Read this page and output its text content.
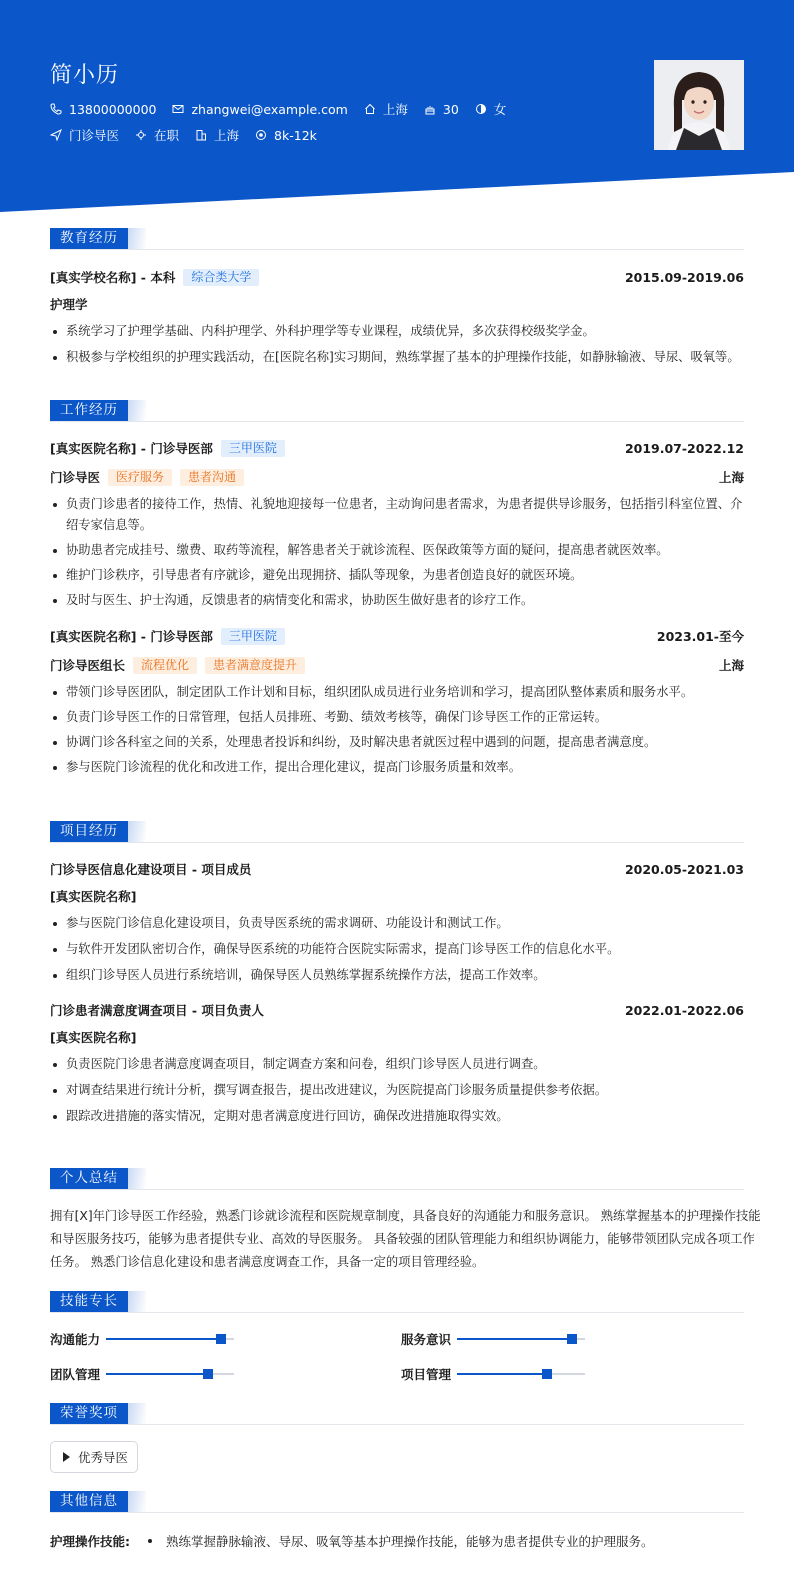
简小历
13800000000	zhangwei@example.com	上海	30	女
门诊导医	在职	上海	8k-12k
教育经历
[真实学校名称] - 本科	综合类大学	2015.09-2019.06
护理学
系统学习了护理学基础、内科护理学、外科护理学等专业课程，成绩优异，多次获得校级奖学金。
积极参与学校组织的护理实践活动，在[医院名称]实习期间，熟练掌握了基本的护理操作技能，如静脉输液、导尿、吸氧等。
工作经历
[真实医院名称] - 门诊导医部	三甲医院	2019.07-2022.12
门诊导医	医疗服务	患者沟通	上海
负责门诊患者的接待工作，热情、礼貌地迎接每一位患者，主动询问患者需求，为患者提供导诊服务，包括指引科室位置、介绍专家信息等。
协助患者完成挂号、缴费、取药等流程，解答患者关于就诊流程、医保政策等方面的疑问，提高患者就医效率。
维护门诊秩序，引导患者有序就诊，避免出现拥挤、插队等现象，为患者创造良好的就医环境。
及时与医生、护士沟通，反馈患者的病情变化和需求，协助医生做好患者的诊疗工作。
[真实医院名称] - 门诊导医部	三甲医院	2023.01-至今
门诊导医组长	流程优化	患者满意度提升	上海
带领门诊导医团队，制定团队工作计划和目标，组织团队成员进行业务培训和学习，提高团队整体素质和服务水平。
负责门诊导医工作的日常管理，包括人员排班、考勤、绩效考核等，确保门诊导医工作的正常运转。
协调门诊各科室之间的关系，处理患者投诉和纠纷，及时解决患者就医过程中遇到的问题，提高患者满意度。
参与医院门诊流程的优化和改进工作，提出合理化建议，提高门诊服务质量和效率。
项目经历
门诊导医信息化建设项目 - 项目成员	2020.05-2021.03
[真实医院名称]
参与医院门诊信息化建设项目，负责导医系统的需求调研、功能设计和测试工作。
与软件开发团队密切合作，确保导医系统的功能符合医院实际需求，提高门诊导医工作的信息化水平。
组织门诊导医人员进行系统培训，确保导医人员熟练掌握系统操作方法，提高工作效率。
门诊患者满意度调查项目 - 项目负责人	2022.01-2022.06
[真实医院名称]
负责医院门诊患者满意度调查项目，制定调查方案和问卷，组织门诊导医人员进行调查。
对调查结果进行统计分析，撰写调查报告，提出改进建议，为医院提高门诊服务质量提供参考依据。
跟踪改进措施的落实情况，定期对患者满意度进行回访，确保改进措施取得实效。
个人总结
拥有[X]年门诊导医工作经验，熟悉门诊就诊流程和医院规章制度，具备良好的沟通能力和服务意识。 熟练掌握基本的护理操作技能
和导医服务技巧，能够为患者提供专业、高效的导医服务。 具备较强的团队管理能力和组织协调能力，能够带领团队完成各项工作
任务。 熟悉门诊信息化建设和患者满意度调查工作，具备一定的项目管理经验。
技能专长
沟通能力	服务意识
团队管理	项目管理
荣誉奖项
优秀导医
其他信息
护理操作技能:	熟练掌握静脉输液、导尿、吸氧等基本护理操作技能，能够为患者提供专业的护理服务。
